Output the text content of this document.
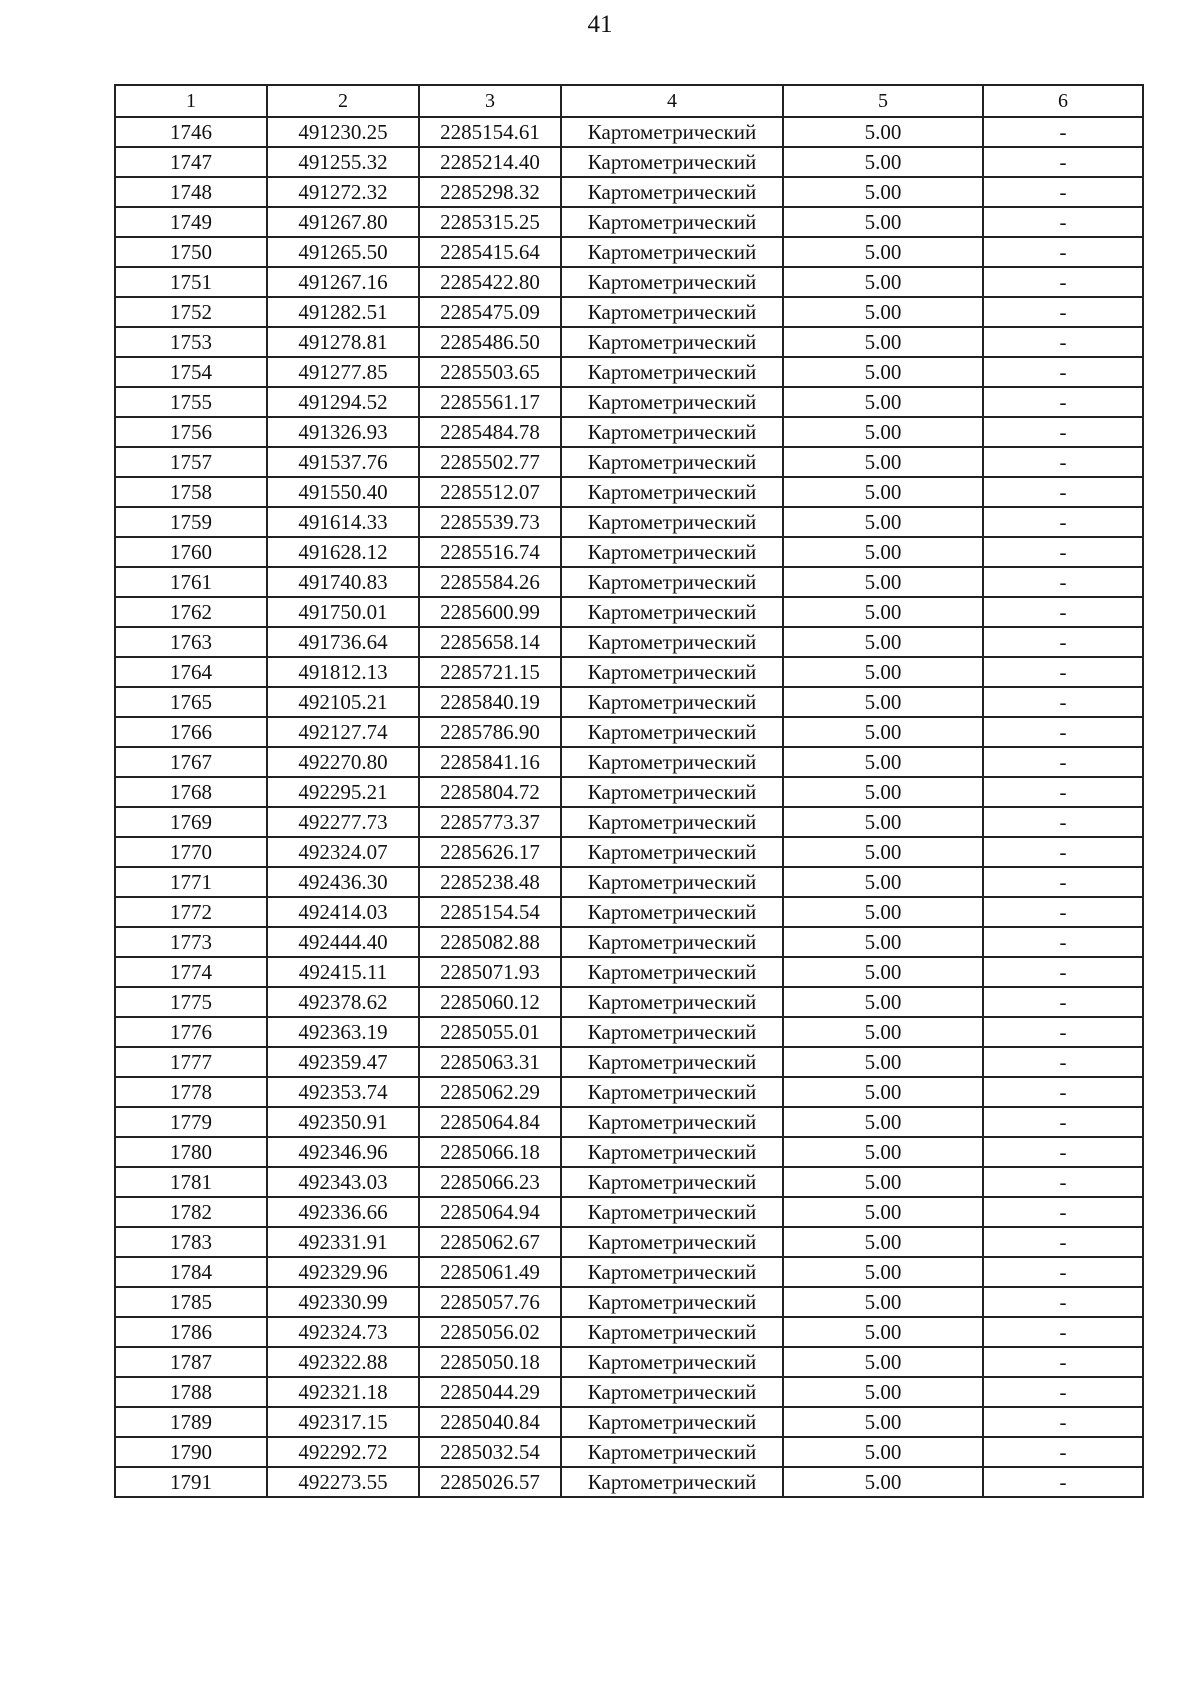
41
1	2	3	4	5	6
1746	491230.25	2285154.61	Картометрический	5.00	-
1747	491255.32	2285214.40	Картометрический	5.00	-
1748	491272.32	2285298.32	Картометрический	5.00	-
1749	491267.80	2285315.25	Картометрический	5.00	-
1750	491265.50	2285415.64	Картометрический	5.00	-
1751	491267.16	2285422.80	Картометрический	5.00	-
1752	491282.51	2285475.09	Картометрический	5.00	-
1753	491278.81	2285486.50	Картометрический	5.00	-
1754	491277.85	2285503.65	Картометрический	5.00	-
1755	491294.52	2285561.17	Картометрический	5.00	-
1756	491326.93	2285484.78	Картометрический	5.00	-
1757	491537.76	2285502.77	Картометрический	5.00	-
1758	491550.40	2285512.07	Картометрический	5.00	-
1759	491614.33	2285539.73	Картометрический	5.00	-
1760	491628.12	2285516.74	Картометрический	5.00	-
1761	491740.83	2285584.26	Картометрический	5.00	-
1762	491750.01	2285600.99	Картометрический	5.00	-
1763	491736.64	2285658.14	Картометрический	5.00	-
1764	491812.13	2285721.15	Картометрический	5.00	-
1765	492105.21	2285840.19	Картометрический	5.00	-
1766	492127.74	2285786.90	Картометрический	5.00	-
1767	492270.80	2285841.16	Картометрический	5.00	-
1768	492295.21	2285804.72	Картометрический	5.00	-
1769	492277.73	2285773.37	Картометрический	5.00	-
1770	492324.07	2285626.17	Картометрический	5.00	-
1771	492436.30	2285238.48	Картометрический	5.00	-
1772	492414.03	2285154.54	Картометрический	5.00	-
1773	492444.40	2285082.88	Картометрический	5.00	-
1774	492415.11	2285071.93	Картометрический	5.00	-
1775	492378.62	2285060.12	Картометрический	5.00	-
1776	492363.19	2285055.01	Картометрический	5.00	-
1777	492359.47	2285063.31	Картометрический	5.00	-
1778	492353.74	2285062.29	Картометрический	5.00	-
1779	492350.91	2285064.84	Картометрический	5.00	-
1780	492346.96	2285066.18	Картометрический	5.00	-
1781	492343.03	2285066.23	Картометрический	5.00	-
1782	492336.66	2285064.94	Картометрический	5.00	-
1783	492331.91	2285062.67	Картометрический	5.00	-
1784	492329.96	2285061.49	Картометрический	5.00	-
1785	492330.99	2285057.76	Картометрический	5.00	-
1786	492324.73	2285056.02	Картометрический	5.00	-
1787	492322.88	2285050.18	Картометрический	5.00	-
1788	492321.18	2285044.29	Картометрический	5.00	-
1789	492317.15	2285040.84	Картометрический	5.00	-
1790	492292.72	2285032.54	Картометрический	5.00	-
1791	492273.55	2285026.57	Картометрический	5.00	-
